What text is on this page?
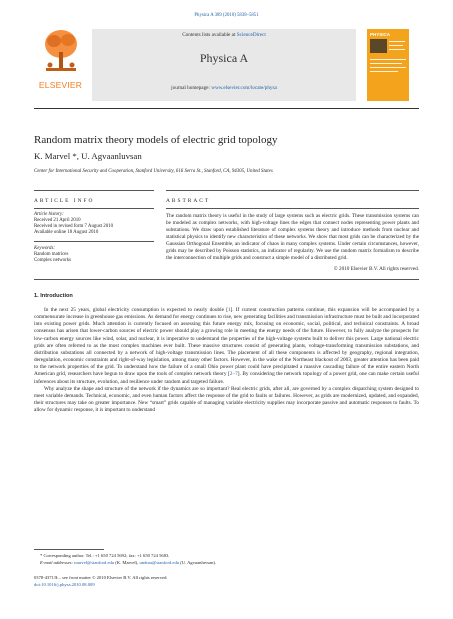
Physica A 389 (2010) 5838–5851
ELSEVIER
Contents lists available at ScienceDirect
Physica A
journal homepage: www.elsevier.com/locate/physa
PHYSICA
Random matrix theory models of electric grid topology
K. Marvel *, U. Agvaanluvsan
Center for International Security and Cooperation, Stanford University, 616 Serra St., Stanford, CA, 94305, United States
ARTICLE INFO	ABSTRACT
Article history:
Received 21 April 2010
Received in revised form 7 August 2010
Available online 18 August 2010
Keywords:
Random matrices
Complex networks
The random matrix theory is useful in the study of large systems such as electric grids. These transmission systems can be modeled as complex networks, with high-voltage lines the edges that connect nodes representing power plants and substations. We draw upon established literature of complex systems theory and introduce methods from nuclear and statistical physics to identify new characteristics of these networks. We show that most grids can be characterized by the Gaussian Orthogonal Ensemble, an indicator of chaos in many complex systems. Under certain circumstances, however, grids may be described by Poisson statistics, an indicator of regularity. We use the random matrix formalism to describe the interconnection of multiple grids and construct a simple model of a distributed grid.
© 2010 Elsevier B.V. All rights reserved.
1. Introduction

In the next 25 years, global electricity consumption is expected to nearly double [1]. If current construction patterns continue, this expansion will be accompanied by a commensurate increase in greenhouse gas emissions. As demand for energy continues to rise, new generating facilities and transmission infrastructure must be built and incorporated into existing power grids. Much attention is currently focused on assessing this future energy mix, focusing on economic, social, political, and technical constraints. A broad consensus has arisen that lower-carbon sources of electric power should play a growing role in meeting the energy needs of the future. However, to fully analyze the prospects for low-carbon energy sources like wind, solar, and nuclear, it is imperative to understand the properties of the high-voltage systems built to deliver this power. Large national electric grids are often referred to as the most complex machines ever built. These massive structures consist of generating plants, voltage-transforming transmission substations, and distribution substations all connected by a network of high-voltage transmission lines. The placement of all these components is affected by geography, regional integration, deregulation, economic constraints and right-of-way legislation, among many other factors. However, in the wake of the Northeast blackout of 2003, greater attention has been paid to the network properties of the grid. To understand how the failure of a small Ohio power plant could have precipitated a massive cascading failure of the entire eastern North American grid, researchers have begun to draw upon the tools of complex network theory [2–7]. By considering the network topology of a power grid, one can make certain useful inferences about its structure, evolution, and resilience under random and targeted failure.

Why analyze the shape and structure of the network if the dynamics are so important? Real electric grids, after all, are governed by a complex dispatching system designed to meet variable demands. Technical, economic, and even human factors affect the response of the grid to faults or failures. However, as grids are modernized, updated, and expanded, their structures may take on greater importance. New “smart” grids capable of managing variable electricity supplies may incorporate passive and automatic responses to faults. To allow for dynamic response, it is important to understand

* Corresponding author. Tel.: +1 650 724 5692; fax: +1 650 724 5683.
E-mail addresses: marvel@stanford.edu (K. Marvel), undraa@stanford.edu (U. Agvaanluvsan).
0378-4371/$ – see front matter © 2010 Elsevier B.V. All rights reserved.
doi:10.1016/j.physa.2010.08.009
